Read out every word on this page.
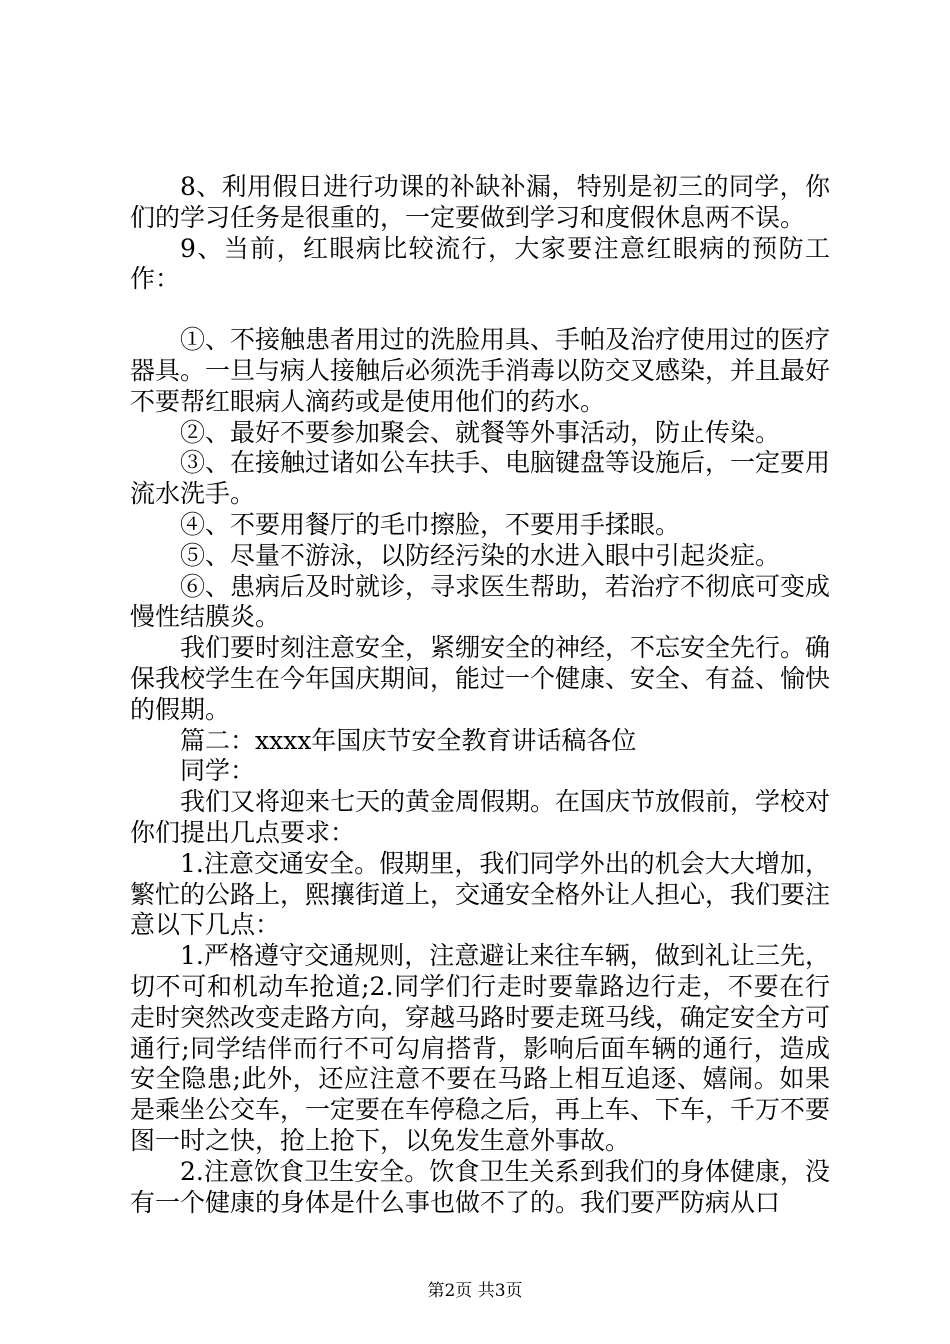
8、利用假日进行功课的补缺补漏，特别是初三的同学，你们的学习任务是很重的，一定要做到学习和度假休息两不误。

9、当前，红眼病比较流行，大家要注意红眼病的预防工作：

①、不接触患者用过的洗脸用具、手帕及治疗使用过的医疗器具。一旦与病人接触后必须洗手消毒以防交叉感染，并且最好不要帮红眼病人滴药或是使用他们的药水。

②、最好不要参加聚会、就餐等外事活动，防止传染。

③、在接触过诸如公车扶手、电脑键盘等设施后，一定要用流水洗手。

④、不要用餐厅的毛巾擦脸，不要用手揉眼。

⑤、尽量不游泳，以防经污染的水进入眼中引起炎症。

⑥、患病后及时就诊，寻求医生帮助，若治疗不彻底可变成慢性结膜炎。

我们要时刻注意安全，紧绷安全的神经，不忘安全先行。确保我校学生在今年国庆期间，能过一个健康、安全、有益、愉快的假期。

篇二：xxxx年国庆节安全教育讲话稿各位

同学：

我们又将迎来七天的黄金周假期。在国庆节放假前，学校对你们提出几点要求：

1.注意交通安全。假期里，我们同学外出的机会大大增加，繁忙的公路上，熙攘街道上，交通安全格外让人担心，我们要注意以下几点：

1.严格遵守交通规则，注意避让来往车辆，做到礼让三先，切不可和机动车抢道;2.同学们行走时要靠路边行走，不要在行走时突然改变走路方向，穿越马路时要走斑马线，确定安全方可通行;同学结伴而行不可勾肩搭背，影响后面车辆的通行，造成安全隐患;此外，还应注意不要在马路上相互追逐、嬉闹。如果是乘坐公交车，一定要在车停稳之后，再上车、下车，千万不要图一时之快，抢上抢下，以免发生意外事故。

2.注意饮食卫生安全。饮食卫生关系到我们的身体健康，没有一个健康的身体是什么事也做不了的。我们要严防病从口

第2页 共3页
